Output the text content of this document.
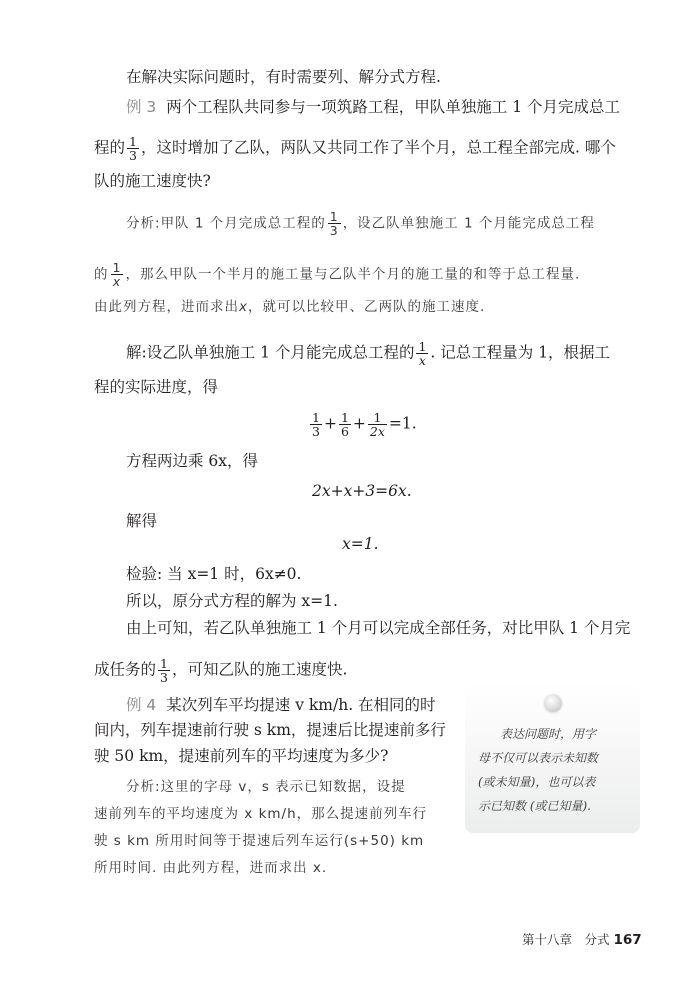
在解决实际问题时，有时需要列、解分式方程.
例 3 两个工程队共同参与一项筑路工程，甲队单独施工 1 个月完成总工
程的 $\frac{1}{3}$ ，这时增加了乙队，两队又共同工作了半个月，总工程全部完成. 哪个
队的施工速度快?
分析:甲队 1 个月完成总工程的 $\frac{1}{3}$ ，设乙队单独施工 1 个月能完成总工程
的 $\frac{1}{x}$ ，那么甲队一个半月的施工量与乙队半个月的施工量的和等于总工程量.
由此列方程，进而求出x，就可以比较甲、乙两队的施工速度.
解:设乙队单独施工 1 个月能完成总工程的 $\frac{1}{x}$ . 记总工程量为 1，根据工
程的实际进度，得
$\frac{1}{3} + \frac{1}{6} + \frac{1}{2x} =1$.
方程两边乘 6x，得
2x+x+3=6x.
解得
x=1.
检验: 当 x=1 时，6x≠0.
所以，原分式方程的解为 x=1.
由上可知，若乙队单独施工 1 个月可以完成全部任务，对比甲队 1 个月完
成任务的 $\frac{1}{3}$ ，可知乙队的施工速度快.
例 4 某次列车平均提速 v km/h. 在相同的时
间内，列车提速前行驶 s km，提速后比提速前多行
驶 50 km，提速前列车的平均速度为多少?
分析:这里的字母 v，s 表示已知数据，设提
速前列车的平均速度为 x km/h，那么提速前列车行
驶 s km 所用时间等于提速后列车运行(s+50) km
所用时间. 由此列方程，进而求出 x.
表达问题时，用字
母不仅可以表示未知数
(或未知量)，也可以表
示已知数 (或已知量).
第十八章　分式 167
